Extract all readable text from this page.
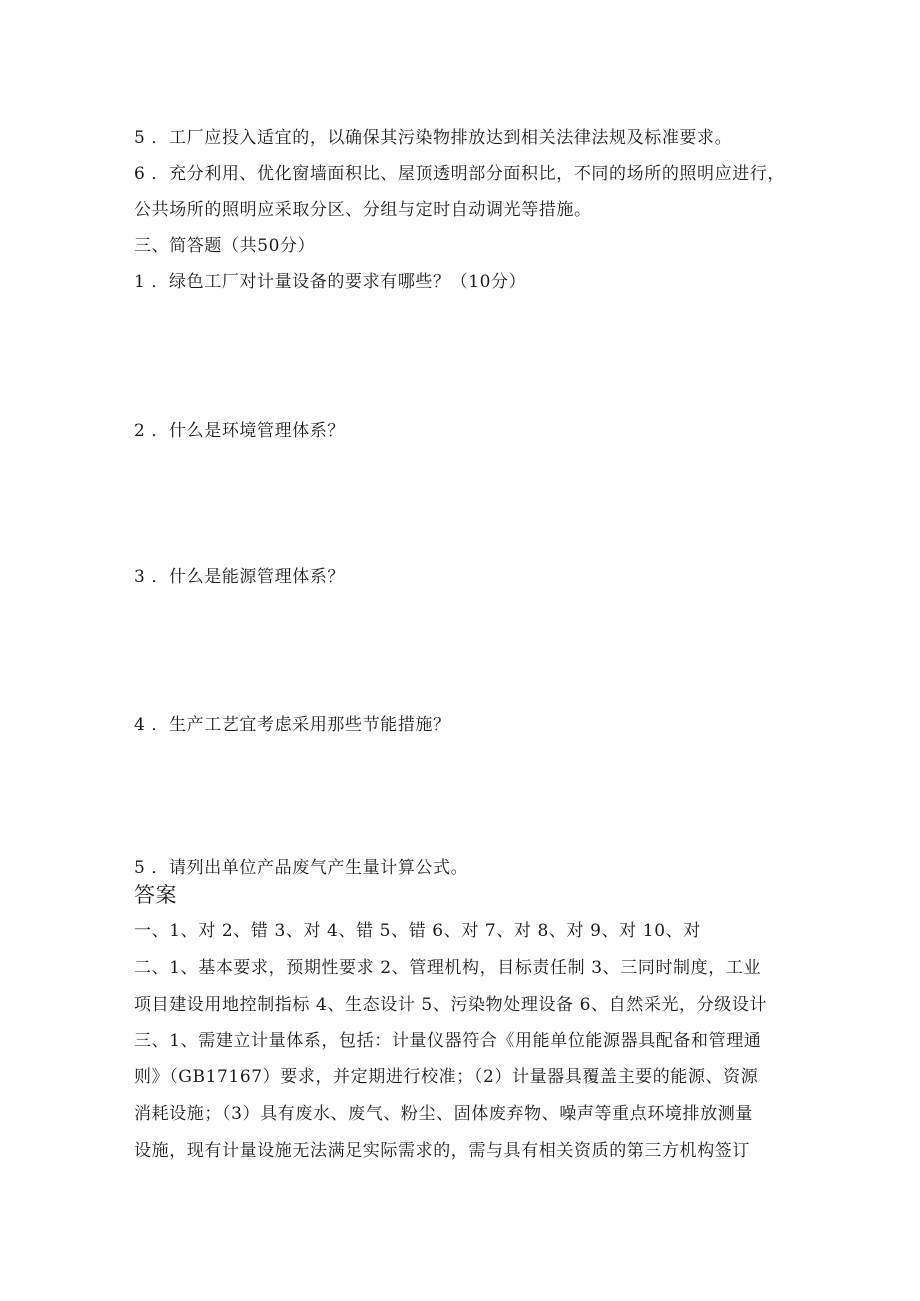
5 ．工厂应投入适宜的，以确保其污染物排放达到相关法律法规及标准要求。
6 ．充分利用、优化窗墙面积比、屋顶透明部分面积比，不同的场所的照明应进行，
公共场所的照明应采取分区、分组与定时自动调光等措施。
三、简答题（共50分）
1 ．绿色工厂对计量设备的要求有哪些？（10分）
2 ．什么是环境管理体系？
3 ．什么是能源管理体系？
4 ．生产工艺宜考虑采用那些节能措施？
5 ．请列出单位产品废气产生量计算公式。
答案
一、1、对 2、错 3、对 4、错 5、错 6、对 7、对 8、对 9、对 10、对
二、1、基本要求，预期性要求 2、管理机构，目标责任制 3、三同时制度，工业
项目建设用地控制指标 4、生态设计 5、污染物处理设备 6、自然采光，分级设计
三、1、需建立计量体系，包括：计量仪器符合《用能单位能源器具配备和管理通
则》（GB17167）要求，并定期进行校准；（2）计量器具覆盖主要的能源、资源
消耗设施；（3）具有废水、废气、粉尘、固体废弃物、噪声等重点环境排放测量
设施，现有计量设施无法满足实际需求的，需与具有相关资质的第三方机构签订
